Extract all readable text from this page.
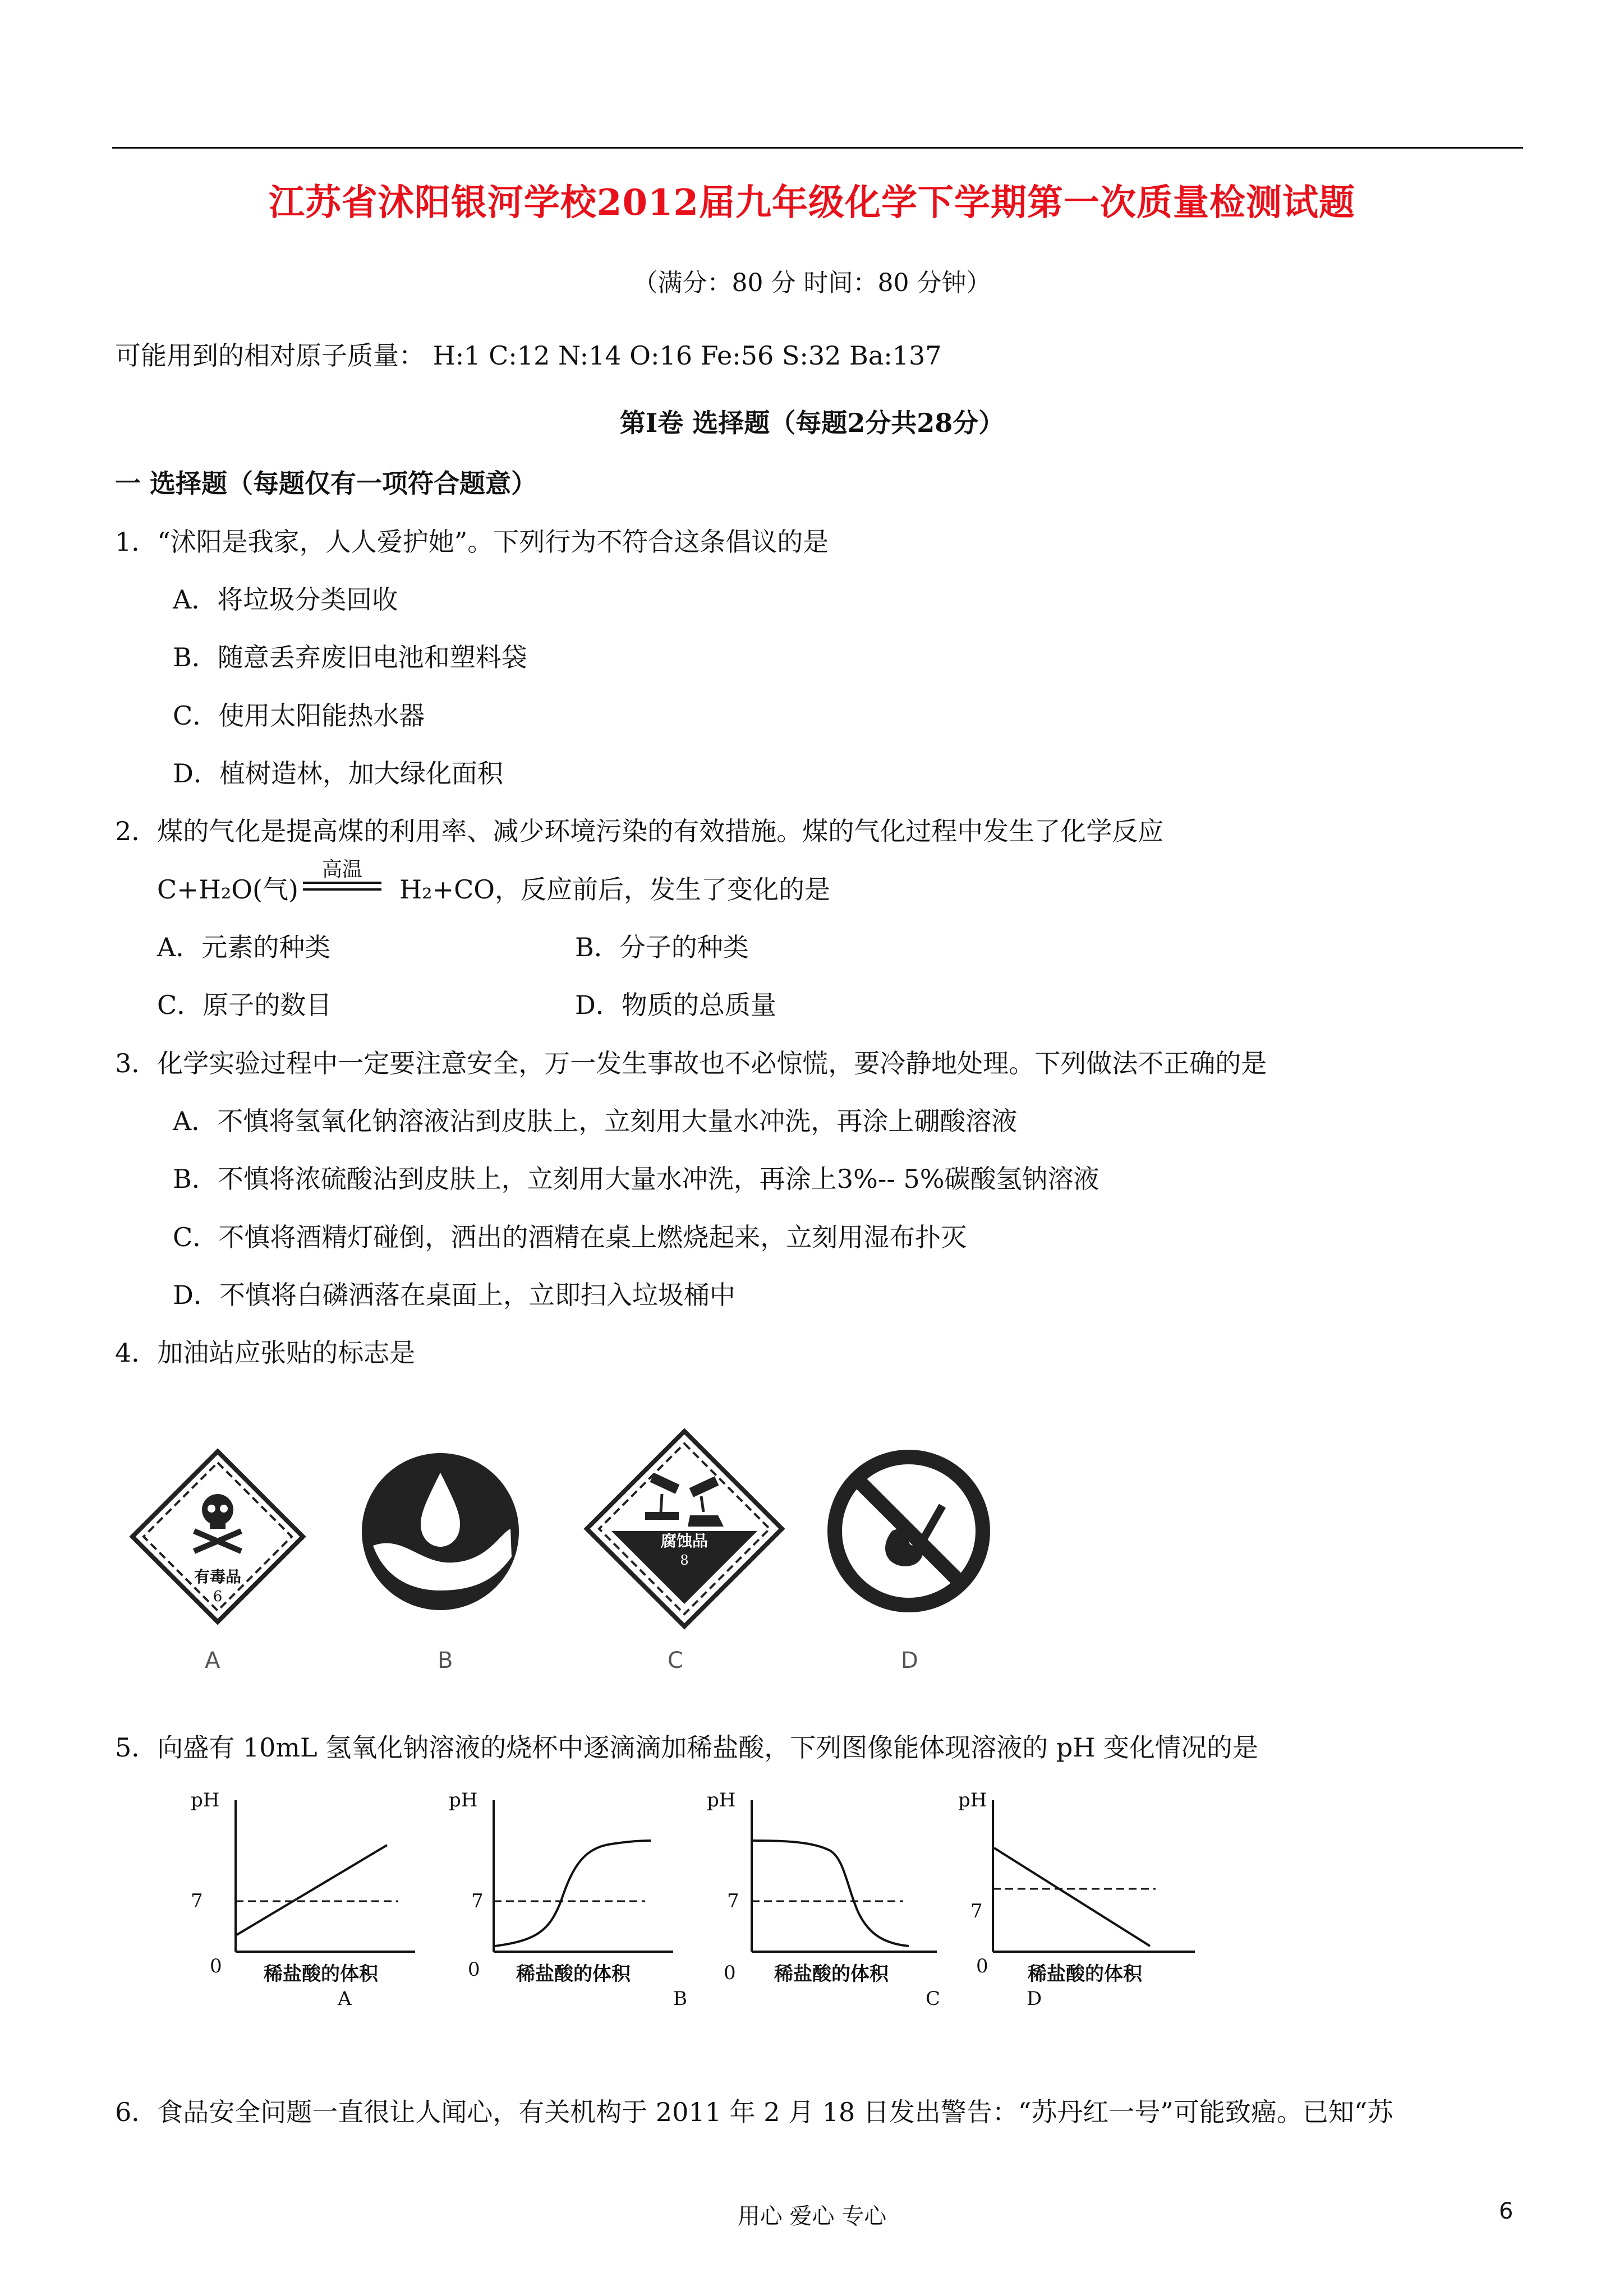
江苏省沭阳银河学校2012届九年级化学下学期第一次质量检测试题
（满分：80 分 时间：80 分钟）
可能用到的相对原子质量： H:1 C:12 N:14 O:16 Fe:56 S:32 Ba:137
第Ⅰ卷 选择题（每题2分共28分）
一 选择题（每题仅有一项符合题意）
1．“沭阳是我家，人人爱护她”。下列行为不符合这条倡议的是
A．将垃圾分类回收
B．随意丢弃废旧电池和塑料袋
C．使用太阳能热水器
D．植树造林，加大绿化面积
2．煤的气化是提高煤的利用率、减少环境污染的有效措施。煤的气化过程中发生了化学反应
C+H₂O(气)
高温
H₂+CO，反应前后，发生了变化的是
A．元素的种类	B．分子的种类
C．原子的数目	D．物质的总质量
3．化学实验过程中一定要注意安全，万一发生事故也不必惊慌，要冷静地处理。下列做法不正确的是
A．不慎将氢氧化钠溶液沾到皮肤上，立刻用大量水冲洗，再涂上硼酸溶液
B．不慎将浓硫酸沾到皮肤上，立刻用大量水冲洗，再涂上3%-- 5%碳酸氢钠溶液
C．不慎将酒精灯碰倒，洒出的酒精在桌上燃烧起来，立刻用湿布扑灭
D．不慎将白磷洒落在桌面上，立即扫入垃圾桶中
4．加油站应张贴的标志是
有毒品
6
腐蚀品
8
A	B	C	D
5．向盛有 10mL 氢氧化钠溶液的烧杯中逐滴滴加稀盐酸，下列图像能体现溶液的 pH 变化情况的是
pH
7
0 稀盐酸的体积
A
pH
7
0 稀盐酸的体积
B
pH
7
0 稀盐酸的体积
C
pH
7
0 稀盐酸的体积
D
6．食品安全问题一直很让人闻心，有关机构于 2011 年 2 月 18 日发出警告：“苏丹红一号”可能致癌。已知“苏
用心 爱心 专心	6
